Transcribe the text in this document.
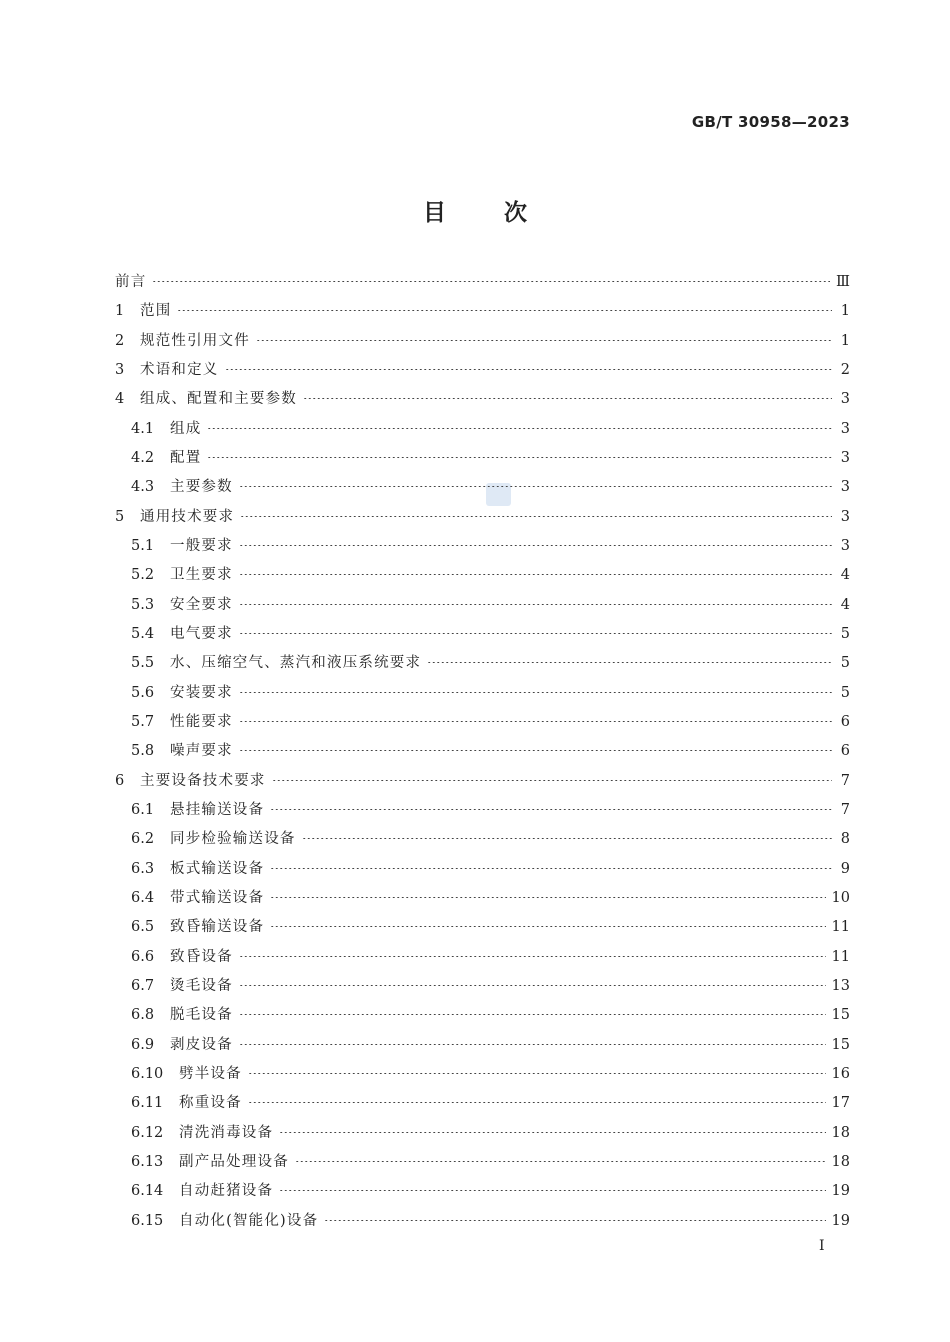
GB/T 30958—2023
目次
前言	Ⅲ
1	范围	1
2	规范性引用文件	1
3	术语和定义	2
4	组成、配置和主要参数	3
4.1	组成	3
4.2	配置	3
4.3	主要参数	3
5	通用技术要求	3
5.1	一般要求	3
5.2	卫生要求	4
5.3	安全要求	4
5.4	电气要求	5
5.5	水、压缩空气、蒸汽和液压系统要求	5
5.6	安装要求	5
5.7	性能要求	6
5.8	噪声要求	6
6	主要设备技术要求	7
6.1	悬挂输送设备	7
6.2	同步检验输送设备	8
6.3	板式输送设备	9
6.4	带式输送设备	10
6.5	致昏输送设备	11
6.6	致昏设备	11
6.7	烫毛设备	13
6.8	脱毛设备	15
6.9	剥皮设备	15
6.10	劈半设备	16
6.11	称重设备	17
6.12	清洗消毒设备	18
6.13	副产品处理设备	18
6.14	自动赶猪设备	19
6.15	自动化(智能化)设备	19
I
